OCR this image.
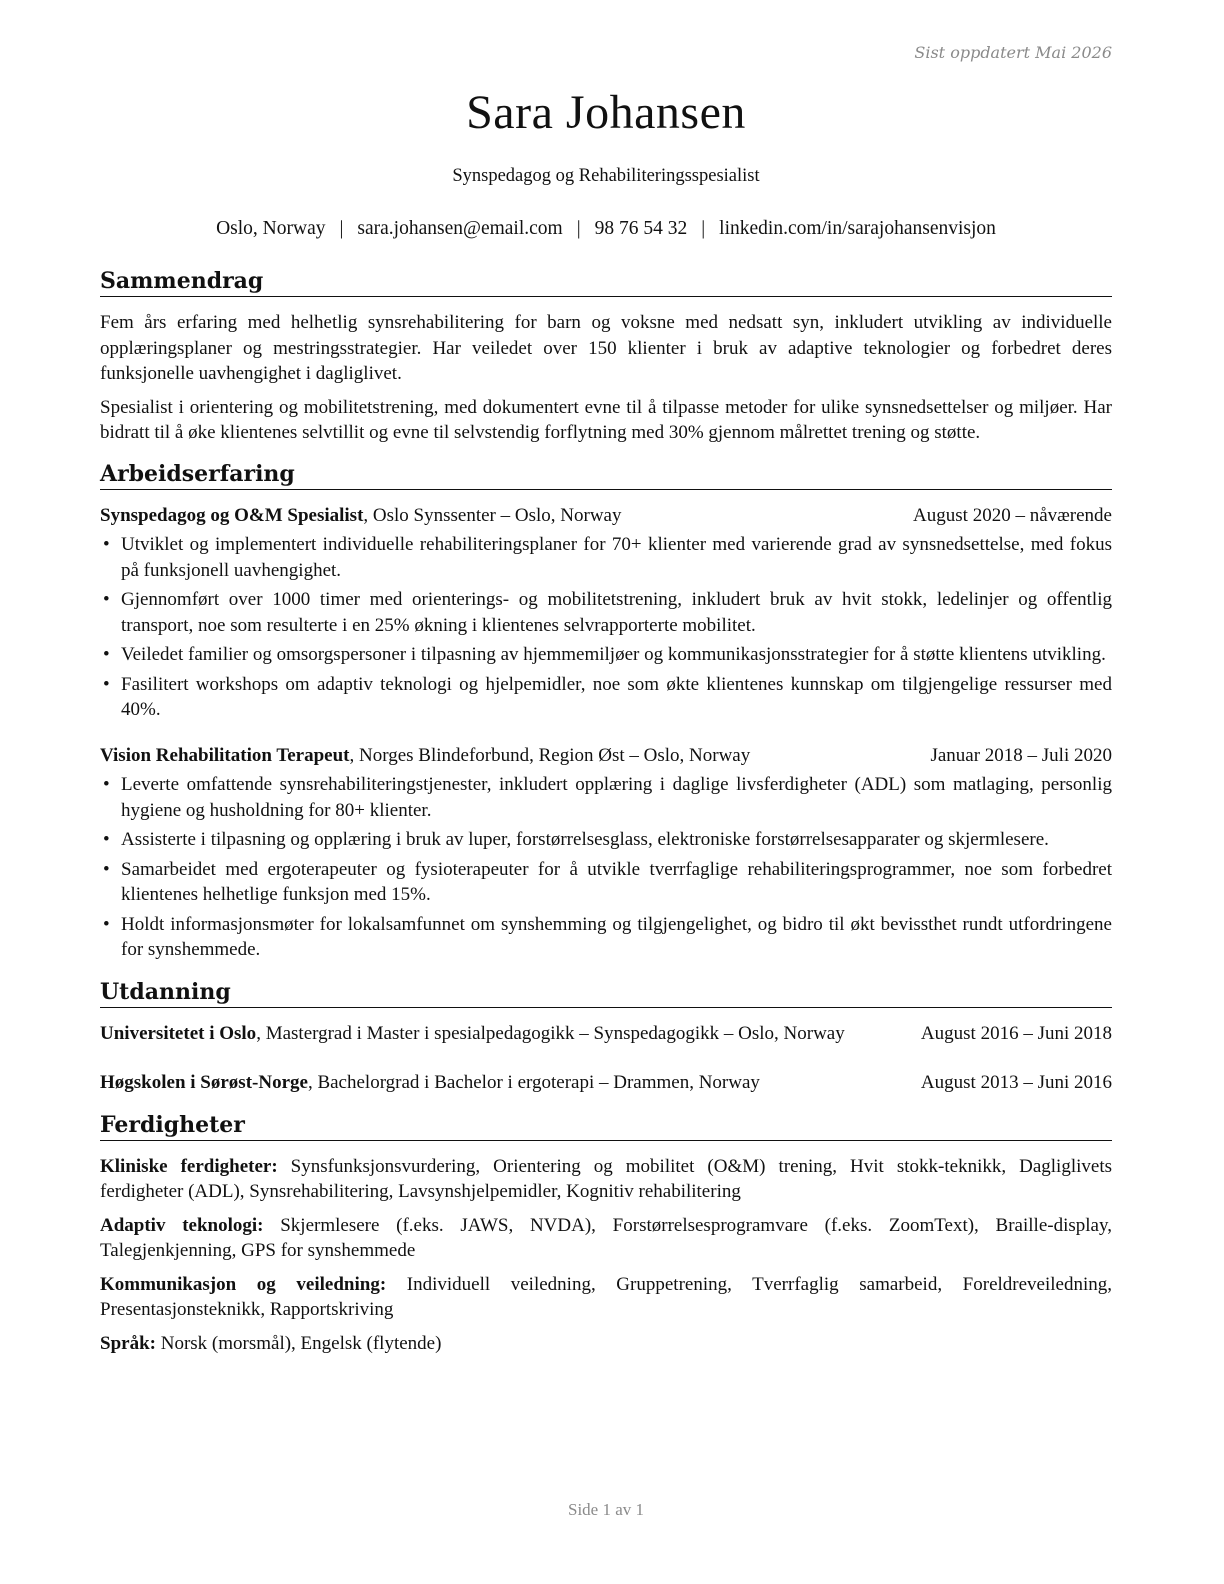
Sist oppdatert Mai 2026
Sara Johansen
Synspedagog og Rehabiliteringsspesialist
Oslo, Norway | sara.johansen@email.com | 98 76 54 32 | linkedin.com/in/sarajohansenvisjon
Sammendrag

Fem års erfaring med helhetlig synsrehabilitering for barn og voksne med nedsatt syn, inkludert utvikling av individuelle opplæringsplaner og mestringsstrategier. Har veiledet over 150 klienter i bruk av adaptive teknologier og forbedret deres funksjonelle uavhengighet i dagliglivet.

Spesialist i orientering og mobilitetstrening, med dokumentert evne til å tilpasse metoder for ulike synsnedsettelser og miljøer. Har bidratt til å øke klientenes selvtillit og evne til selvstendig forflytning med 30% gjennom målrettet trening og støtte.

Arbeidserfaring
Synspedagog og O&M Spesialist, Oslo Synssenter – Oslo, Norway	August 2020 – nåværende
• Utviklet og implementert individuelle rehabiliteringsplaner for 70+ klienter med varierende grad av synsnedsettelse, med fokus på funksjonell uavhengighet.
• Gjennomført over 1000 timer med orienterings- og mobilitetstrening, inkludert bruk av hvit stokk, ledelinjer og offentlig transport, noe som resulterte i en 25% økning i klientenes selvrapporterte mobilitet.
• Veiledet familier og omsorgspersoner i tilpasning av hjemmemiljøer og kommunikasjonsstrategier for å støtte klientens utvikling.
• Fasilitert workshops om adaptiv teknologi og hjelpemidler, noe som økte klientenes kunnskap om tilgjengelige ressurser med 40%.
Vision Rehabilitation Terapeut, Norges Blindeforbund, Region Øst – Oslo, Norway	Januar 2018 – Juli 2020
• Leverte omfattende synsrehabiliteringstjenester, inkludert opplæring i daglige livsferdigheter (ADL) som matlaging, personlig hygiene og husholdning for 80+ klienter.
• Assisterte i tilpasning og opplæring i bruk av luper, forstørrelsesglass, elektroniske forstørrelsesapparater og skjermlesere.
• Samarbeidet med ergoterapeuter og fysioterapeuter for å utvikle tverrfaglige rehabiliteringsprogrammer, noe som forbedret klientenes helhetlige funksjon med 15%.
• Holdt informasjonsmøter for lokalsamfunnet om synshemming og tilgjengelighet, og bidro til økt bevissthet rundt utfordringene for synshemmede.
Utdanning
Universitetet i Oslo, Mastergrad i Master i spesialpedagogikk – Synspedagogikk – Oslo, Norway	August 2016 – Juni 2018
Høgskolen i Sørøst-Norge, Bachelorgrad i Bachelor i ergoterapi – Drammen, Norway	August 2013 – Juni 2016
Ferdigheter

Kliniske ferdigheter: Synsfunksjonsvurdering, Orientering og mobilitet (O&M) trening, Hvit stokk-teknikk, Dagliglivets ferdigheter (ADL), Synsrehabilitering, Lavsynshjelpemidler, Kognitiv rehabilitering

Adaptiv teknologi: Skjermlesere (f.eks. JAWS, NVDA), Forstørrelsesprogramvare (f.eks. ZoomText), Braille-display, Talegjenkjenning, GPS for synshemmede

Kommunikasjon og veiledning: Individuell veiledning, Gruppetrening, Tverrfaglig samarbeid, Foreldreveiledning, Presentasjonsteknikk, Rapportskriving

Språk: Norsk (morsmål), Engelsk (flytende)

Side 1 av 1
